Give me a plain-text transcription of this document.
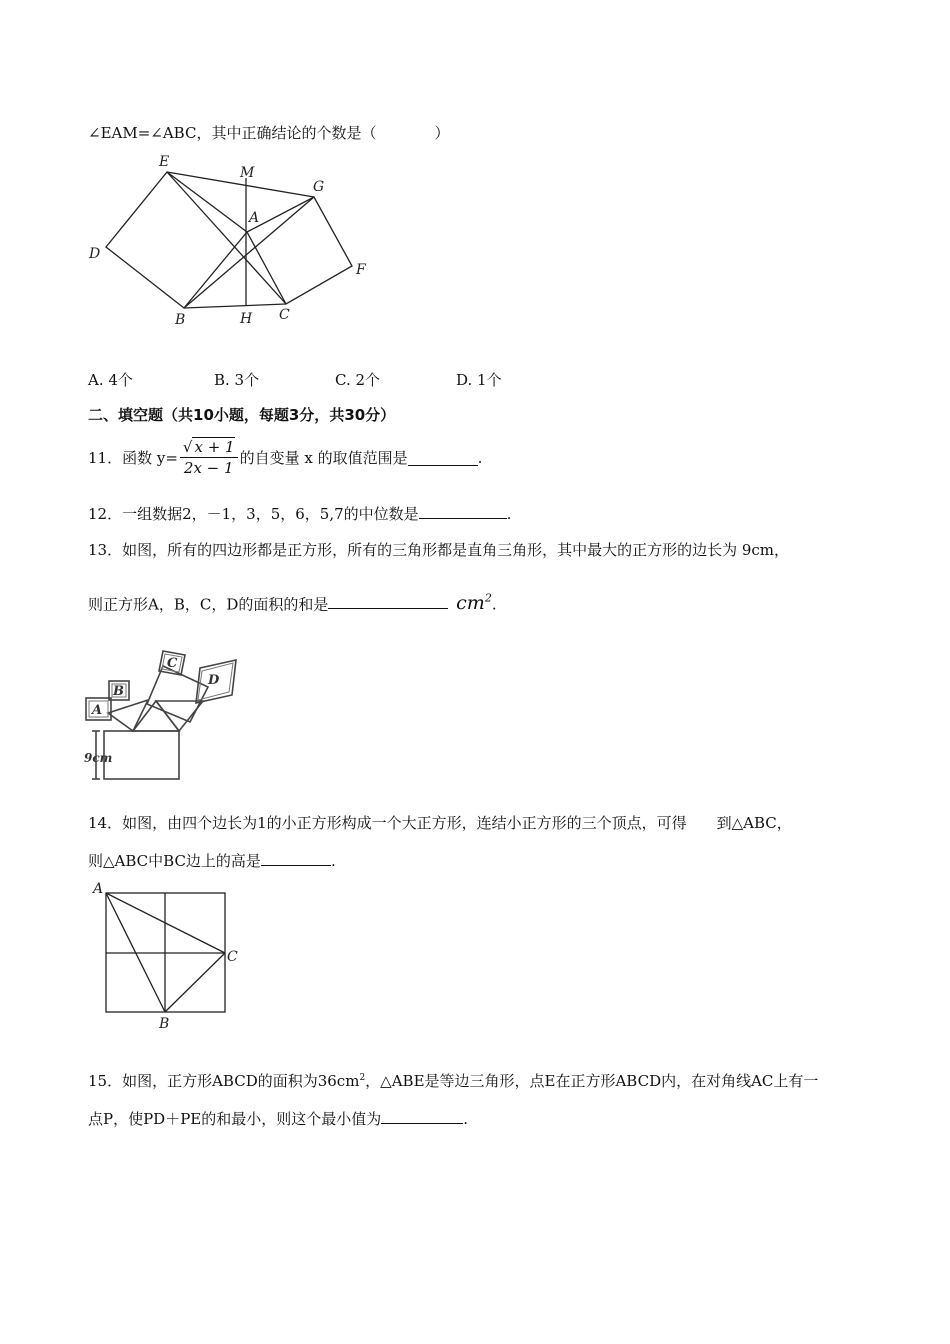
∠EAM=∠ABC，其中正确结论的个数是（	）
E
M
G
A
D
F
B	H C
A. 4个	B. 3个	C. 2个	D. 1个
二、填空题（共10小题，每题3分，共30分）
11．函数 $y= \frac{√ x + 1}{2x - 1}$ 的自变量 x 的取值范围是	.
12．一组数据2，－1，3，5，6，5,7的中位数是	.
13．如图，所有的四边形都是正方形，所有的三角形都是直角三角形，其中最大的正方形的边长为 9cm，
则正方形A，B，C，D的面积的和是	$cm^2$.
A
B
C
D
9cm
14．如图，由四个边长为1的小正方形构成一个大正方形，连结小正方形的三个顶点，可得　　到△ABC，
则△ABC中BC边上的高是	.
A
C
B
15．如图，正方形ABCD的面积为$36cm^2$，△ABE是等边三角形，点E在正方形ABCD内，在对角线AC上有一
点P，使PD＋PE的和最小，则这个最小值为	.
